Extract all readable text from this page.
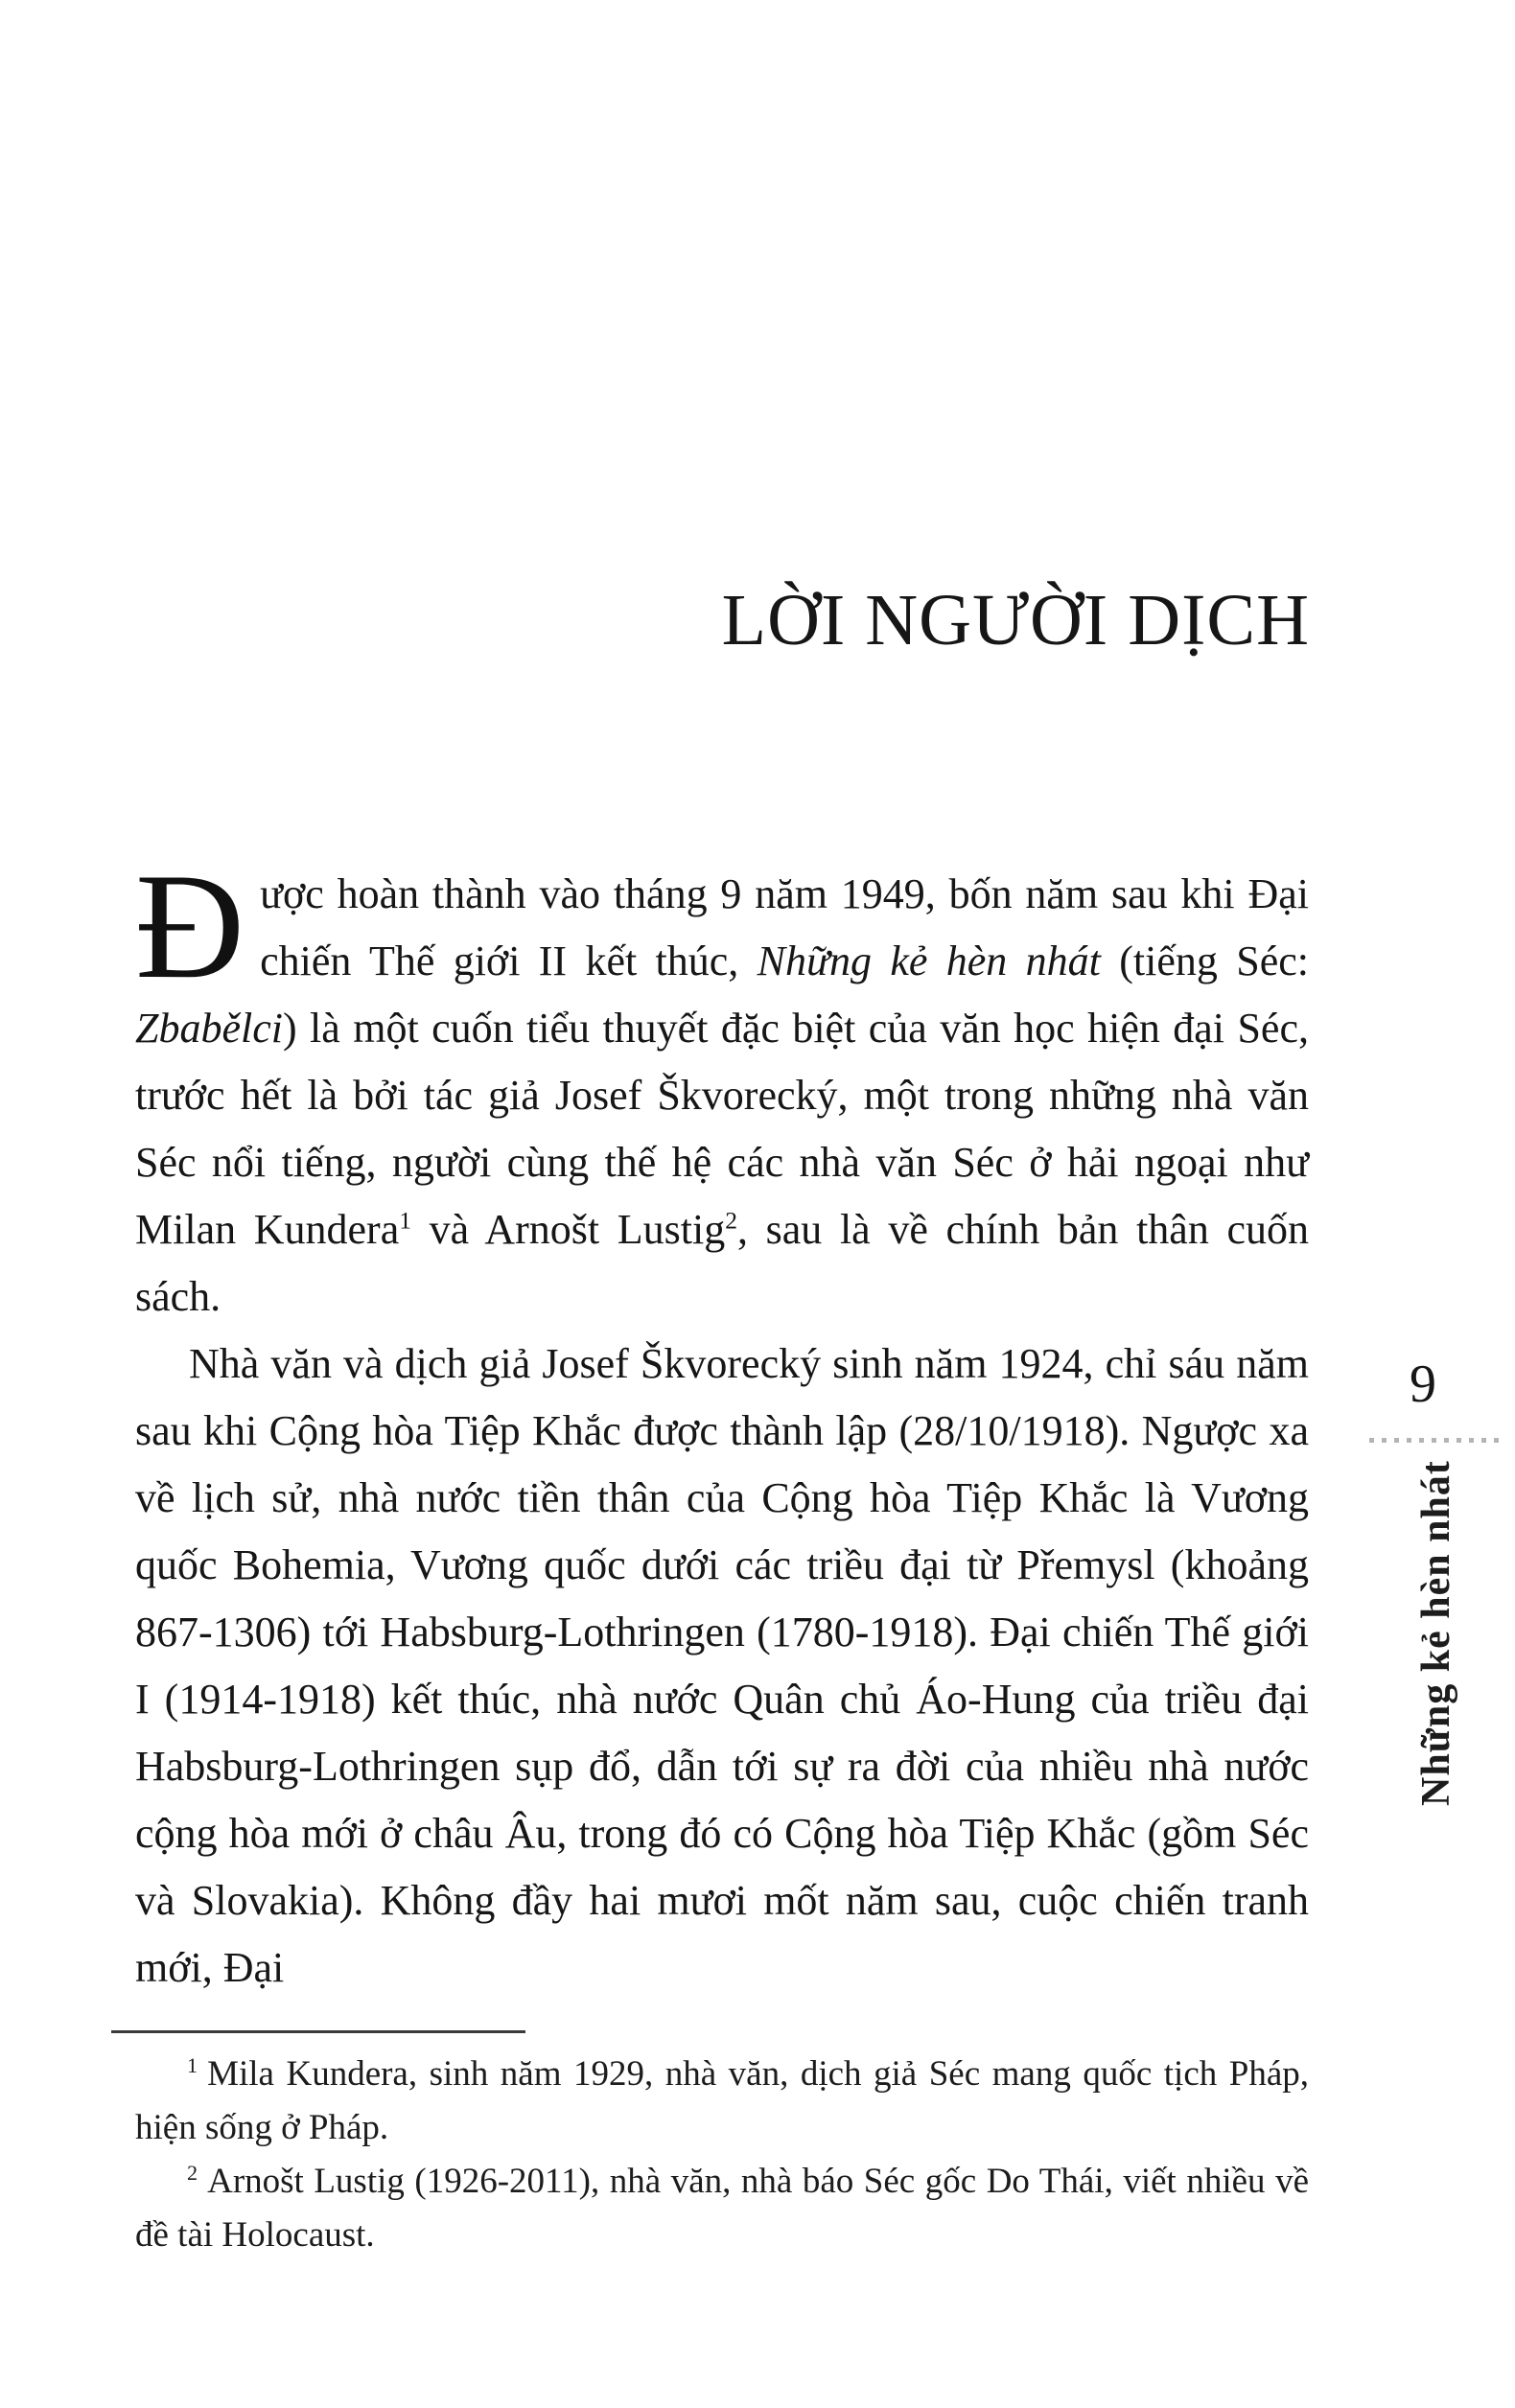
LỜI NGƯỜI DỊCH

Được hoàn thành vào tháng 9 năm 1949, bốn năm sau khi Đại chiến Thế giới II kết thúc, Những kẻ hèn nhát (tiếng Séc: Zbabělci) là một cuốn tiểu thuyết đặc biệt của văn học hiện đại Séc, trước hết là bởi tác giả Josef Škvorecký, một trong những nhà văn Séc nổi tiếng, người cùng thế hệ các nhà văn Séc ở hải ngoại như Milan Kundera$^1$ và Arnošt Lustig$^2$, sau là về chính bản thân cuốn sách.

Nhà văn và dịch giả Josef Škvorecký sinh năm 1924, chỉ sáu năm sau khi Cộng hòa Tiệp Khắc được thành lập (28/10/1918). Ngược xa về lịch sử, nhà nước tiền thân của Cộng hòa Tiệp Khắc là Vương quốc Bohemia, Vương quốc dưới các triều đại từ Přemysl (khoảng 867-1306) tới Habsburg-Lothringen (1780-1918). Đại chiến Thế giới I (1914-1918) kết thúc, nhà nước Quân chủ Áo-Hung của triều đại Habsburg-Lothringen sụp đổ, dẫn tới sự ra đời của nhiều nhà nước cộng hòa mới ở châu Âu, trong đó có Cộng hòa Tiệp Khắc (gồm Séc và Slovakia). Không đầy hai mươi mốt năm sau, cuộc chiến tranh mới, Đại

$^1$ Mila Kundera, sinh năm 1929, nhà văn, dịch giả Séc mang quốc tịch Pháp, hiện sống ở Pháp.

$^2$ Arnošt Lustig (1926-2011), nhà văn, nhà báo Séc gốc Do Thái, viết nhiều về đề tài Holocaust.

9
Những kẻ hèn nhát
